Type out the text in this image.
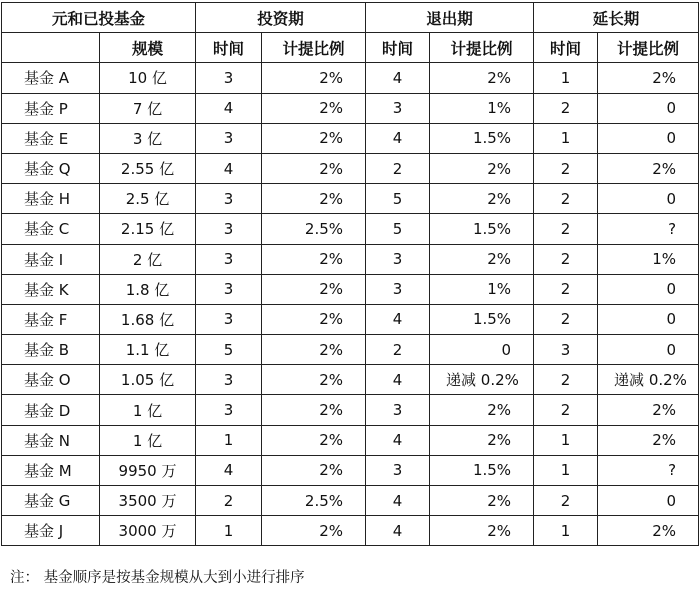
元和已投基金		投资期		退出期		延长期	
	规模	时间	计提比例	时间	计提比例	时间	计提比例
基金 A	10 亿	3	2%	4	2%	1	2%
基金 P	7 亿	4	2%	3	1%	2	0
基金 E	3 亿	3	2%	4	1.5%	1	0
基金 Q	2.55 亿	4	2%	2	2%	2	2%
基金 H	2.5 亿	3	2%	5	2%	2	0
基金 C	2.15 亿	3	2.5%	5	1.5%	2	?
基金 I	2 亿	3	2%	3	2%	2	1%
基金 K	1.8 亿	3	2%	3	1%	2	0
基金 F	1.68 亿	3	2%	4	1.5%	2	0
基金 B	1.1 亿	5	2%	2	0	3	0
基金 O	1.05 亿	3	2%	4	递减 0.2%	2	递减 0.2%
基金 D	1 亿	3	2%	3	2%	2	2%
基金 N	1 亿	1	2%	4	2%	1	2%
基金 M	9950 万	4	2%	3	1.5%	1	?
基金 G	3500 万	2	2.5%	4	2%	2	0
基金 J	3000 万	1	2%	4	2%	1	2%
注： 基金顺序是按基金规模从大到小进行排序
